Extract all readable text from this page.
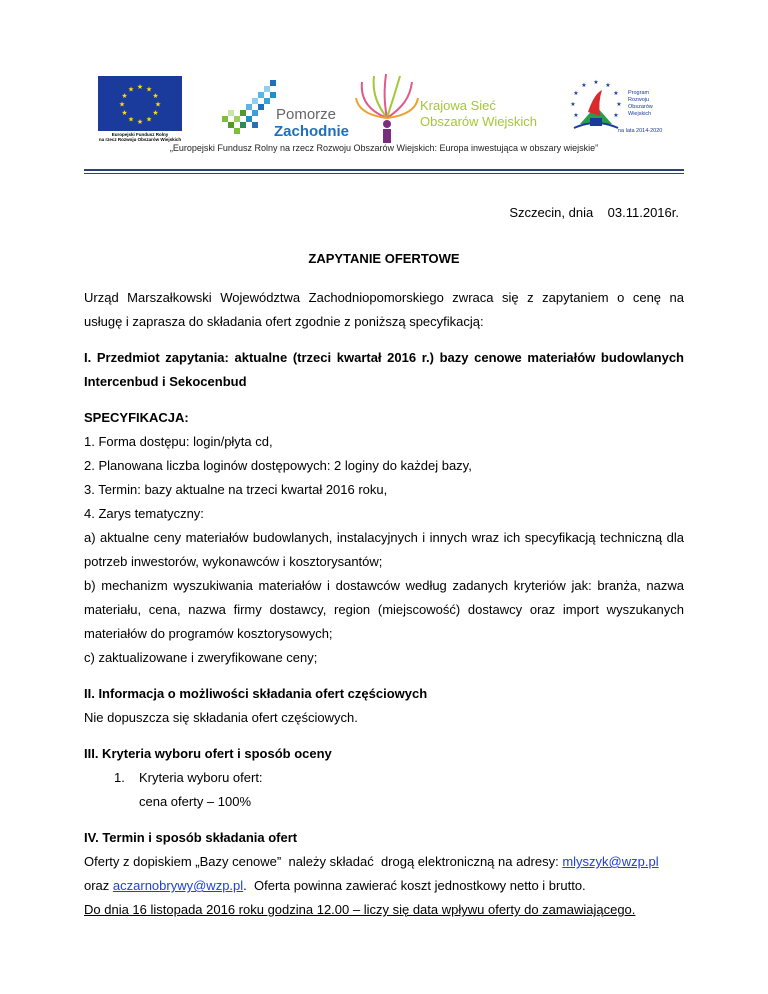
★ ★
★
★
★
★
★
★
★
★
★
★
Europejski Fundusz Rolny
na rzecz Rozwoju Obszarów Wiejskich
Pomorze
Zachodnie
Krajowa Sieć
Obszarów Wiejskich
★ ★
★
★
★
★
★
★
★
Program
Rozwoju
Obszarów
Wiejskich
na lata 2014-2020
„Europejski Fundusz Rolny na rzecz Rozwoju Obszarów Wiejskich: Europa inwestująca w obszary wiejskie”
Szczecin, dnia 03.11.2016r.
ZAPYTANIE OFERTOWE
Urząd Marszałkowski Województwa Zachodniopomorskiego zwraca się z zapytaniem o cenę na
usługę i zaprasza do składania ofert zgodnie z poniższą specyfikacją:
I. Przedmiot zapytania: aktualne (trzeci kwartał 2016 r.) bazy cenowe materiałów budowlanych
Intercenbud i Sekocenbud
SPECYFIKACJA:
1. Forma dostępu: login/płyta cd,
2. Planowana liczba loginów dostępowych: 2 loginy do każdej bazy,
3. Termin: bazy aktualne na trzeci kwartał 2016 roku,
4. Zarys tematyczny:
a) aktualne ceny materiałów budowlanych, instalacyjnych i innych wraz ich specyfikacją techniczną dla
potrzeb inwestorów, wykonawców i kosztorysantów;
b) mechanizm wyszukiwania materiałów i dostawców według zadanych kryteriów jak: branża, nazwa
materiału, cena, nazwa firmy dostawcy, region (miejscowość) dostawcy oraz import wyszukanych
materiałów do programów kosztorysowych;
c) zaktualizowane i zweryfikowane ceny;
II. Informacja o możliwości składania ofert częściowych
Nie dopuszcza się składania ofert częściowych.
III. Kryteria wyboru ofert i sposób oceny
1.	Kryteria wyboru ofert:
cena oferty – 100%
IV. Termin i sposób składania ofert
Oferty z dopiskiem „Bazy cenowe”  należy składać  drogą elektroniczną na adresy: mlyszyk@wzp.pl
oraz aczarnobrywy@wzp.pl.  Oferta powinna zawierać koszt jednostkowy netto i brutto.
Do dnia 16 listopada 2016 roku godzina 12.00 – liczy się data wpływu oferty do zamawiającego.
